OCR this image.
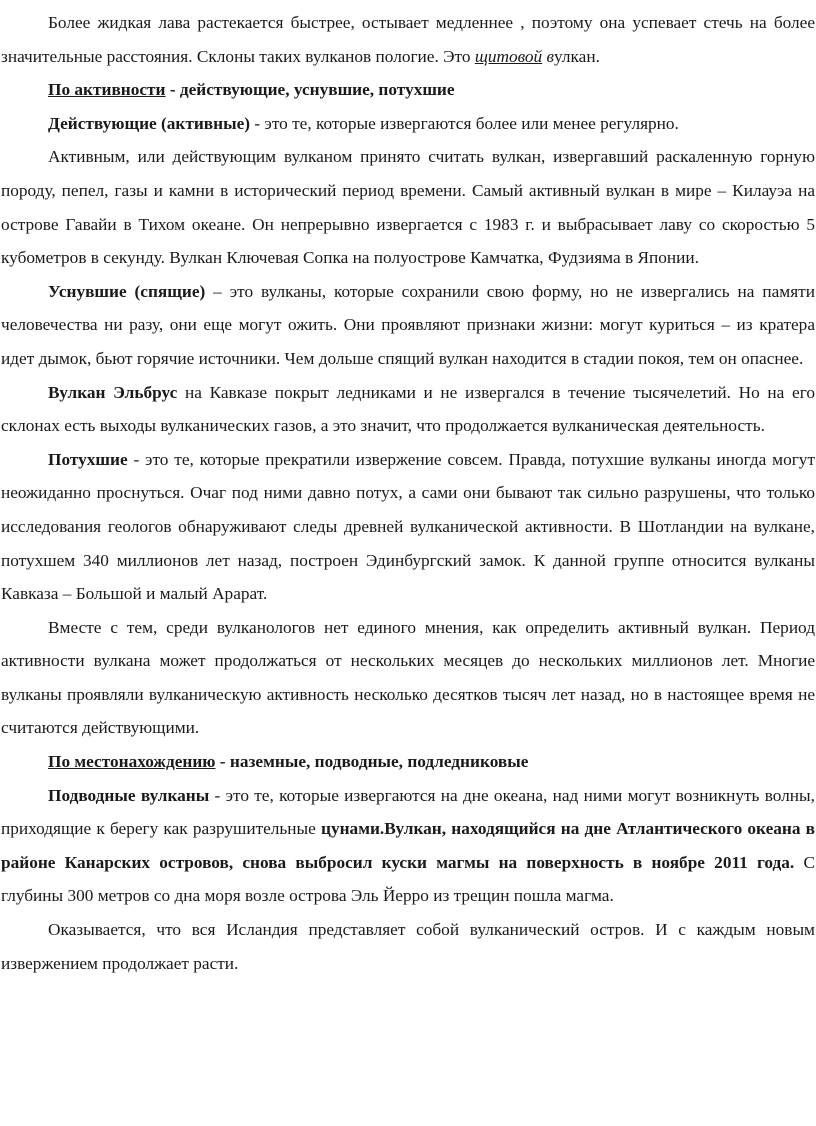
Более жидкая лава растекается быстрее, остывает медленнее , поэтому она успевает стечь на более значительные расстояния. Склоны таких вулканов пологие. Это щитовой вулкан.

По активности - действующие, уснувшие, потухшие

Действующие (активные) - это те, которые извергаются более или менее регулярно.

Активным, или действующим вулканом принято считать вулкан, извергавший раскаленную горную породу, пепел, газы и камни в исторический период времени. Самый активный вулкан в мире – Килауэа на острове Гавайи в Тихом океане. Он непрерывно извергается с 1983 г. и выбрасывает лаву со скоростью 5 кубометров в секунду. Вулкан Ключевая Сопка на полуострове Камчатка, Фудзияма в Японии.

Уснувшие (спящие) – это вулканы, которые сохранили свою форму, но не извергались на памяти человечества ни разу, они еще могут ожить. Они проявляют признаки жизни: могут куриться – из кратера идет дымок, бьют горячие источники. Чем дольше спящий вулкан находится в стадии покоя, тем он опаснее.

Вулкан Эльбрус на Кавказе покрыт ледниками и не извергался в течение тысячелетий. Но на его склонах есть выходы вулканических газов, а это значит, что продолжается вулканическая деятельность.

Потухшие - это те, которые прекратили извержение совсем. Правда, потухшие вулканы иногда могут неожиданно проснуться. Очаг под ними давно потух, а сами они бывают так сильно разрушены, что только исследования геологов обнаруживают следы древней вулканической активности. В Шотландии на вулкане, потухшем 340 миллионов лет назад, построен Эдинбургский замок. К данной группе относится вулканы Кавказа – Большой и малый Арарат.

Вместе с тем, среди вулканологов нет единого мнения, как определить активный вулкан. Период активности вулкана может продолжаться от нескольких месяцев до нескольких миллионов лет. Многие вулканы проявляли вулканическую активность несколько десятков тысяч лет назад, но в настоящее время не считаются действующими.

По местонахождению - наземные, подводные, подледниковые

Подводные вулканы - это те, которые извергаются на дне океана, над ними могут возникнуть волны, приходящие к берегу как разрушительные цунами.Вулкан, находящийся на дне Атлантического океана в районе Канарских островов, снова выбросил куски магмы на поверхность в ноябре 2011 года. С глубины 300 метров со дна моря возле острова Эль Йерро из трещин пошла магма.

Оказывается, что вся Исландия представляет собой вулканический остров. И с каждым новым извержением продолжает расти.
